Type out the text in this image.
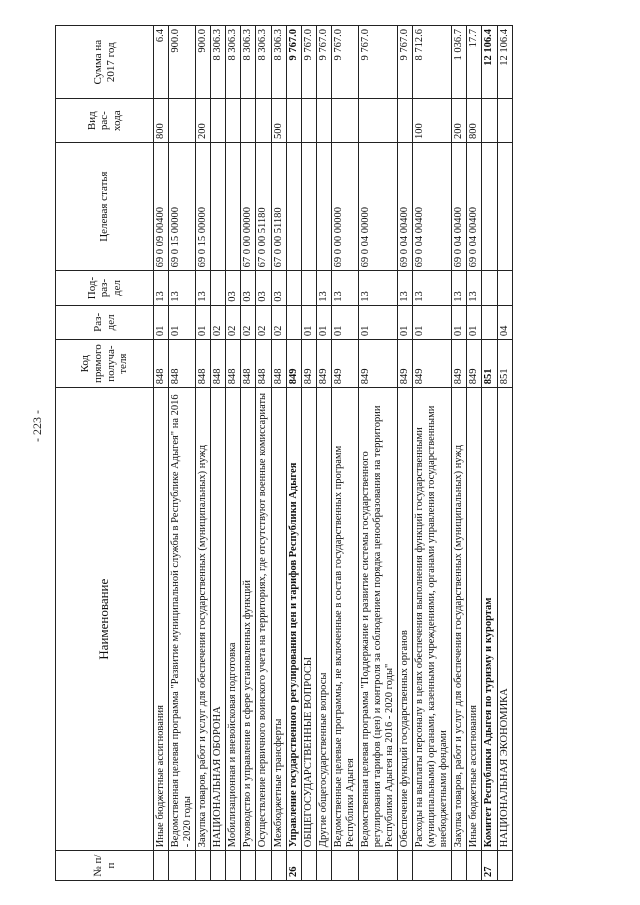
- 223 -
№ п/п	Наименование	Код прямого получа-теля	Раз-дел	Под-раз-дел	Целевая статья	Вид рас-хода	Сумма на 2017 год
	Иные бюджетные ассигнования	848	01	13	69 0 09 00400	800	6.4
	Ведомственная целевая программа "Развитие муниципальной службы в Республике Адыгея" на 2016 - 2020 годы	848	01	13	69 0 15 00000		900.0
	Закупка товаров, работ и услуг для обеспечения государственных (муниципальных) нужд	848	01	13	69 0 15 00000	200	900.0
	НАЦИОНАЛЬНАЯ ОБОРОНА	848	02				8 306.3
	Мобилизационная и вневойсковая подготовка	848	02	03			8 306.3
	Руководство и управление в сфере установленных функций	848	02	03	67 0 00 00000		8 306.3
	Осуществление первичного воинского учета на территориях, где отсутствуют военные комиссариаты	848	02	03	67 0 00 51180		8 306.3
	Межбюджетные трансферты	848	02	03	67 0 00 51180	500	8 306.3
26	Управление государственного регулирования цен и тарифов Республики Адыгея	849					9 767.0
	ОБЩЕГОСУДАРСТВЕННЫЕ ВОПРОСЫ	849	01				9 767.0
	Другие общегосударственные вопросы	849	01	13			9 767.0
	Ведомственные целевые программы, не включенные в состав государственных программ Республики Адыгея	849	01	13	69 0 00 00000		9 767.0
	Ведомственная целевая программа "Поддержание и развитие системы государственного регулирования тарифов (цен) и контроля за соблюдением порядка ценообразования на территории Республики Адыгея на 2016 - 2020 годы"	849	01	13	69 0 04 00000		9 767.0
	Обеспечение функций государственных органов	849	01	13	69 0 04 00400		9 767.0
	Расходы на выплаты персоналу в целях обеспечения выполнения функций государственными (муниципальными) органами, казенными учреждениями, органами управления государственными внебюджетными фондами	849	01	13	69 0 04 00400	100	8 712.6
	Закупка товаров, работ и услуг для обеспечения государственных (муниципальных) нужд	849	01	13	69 0 04 00400	200	1 036.7
	Иные бюджетные ассигнования	849	01	13	69 0 04 00400	800	17.7
27	Комитет Республики Адыгея по туризму и курортам	851					12 106.4
	НАЦИОНАЛЬНАЯ ЭКОНОМИКА	851	04				12 106.4
